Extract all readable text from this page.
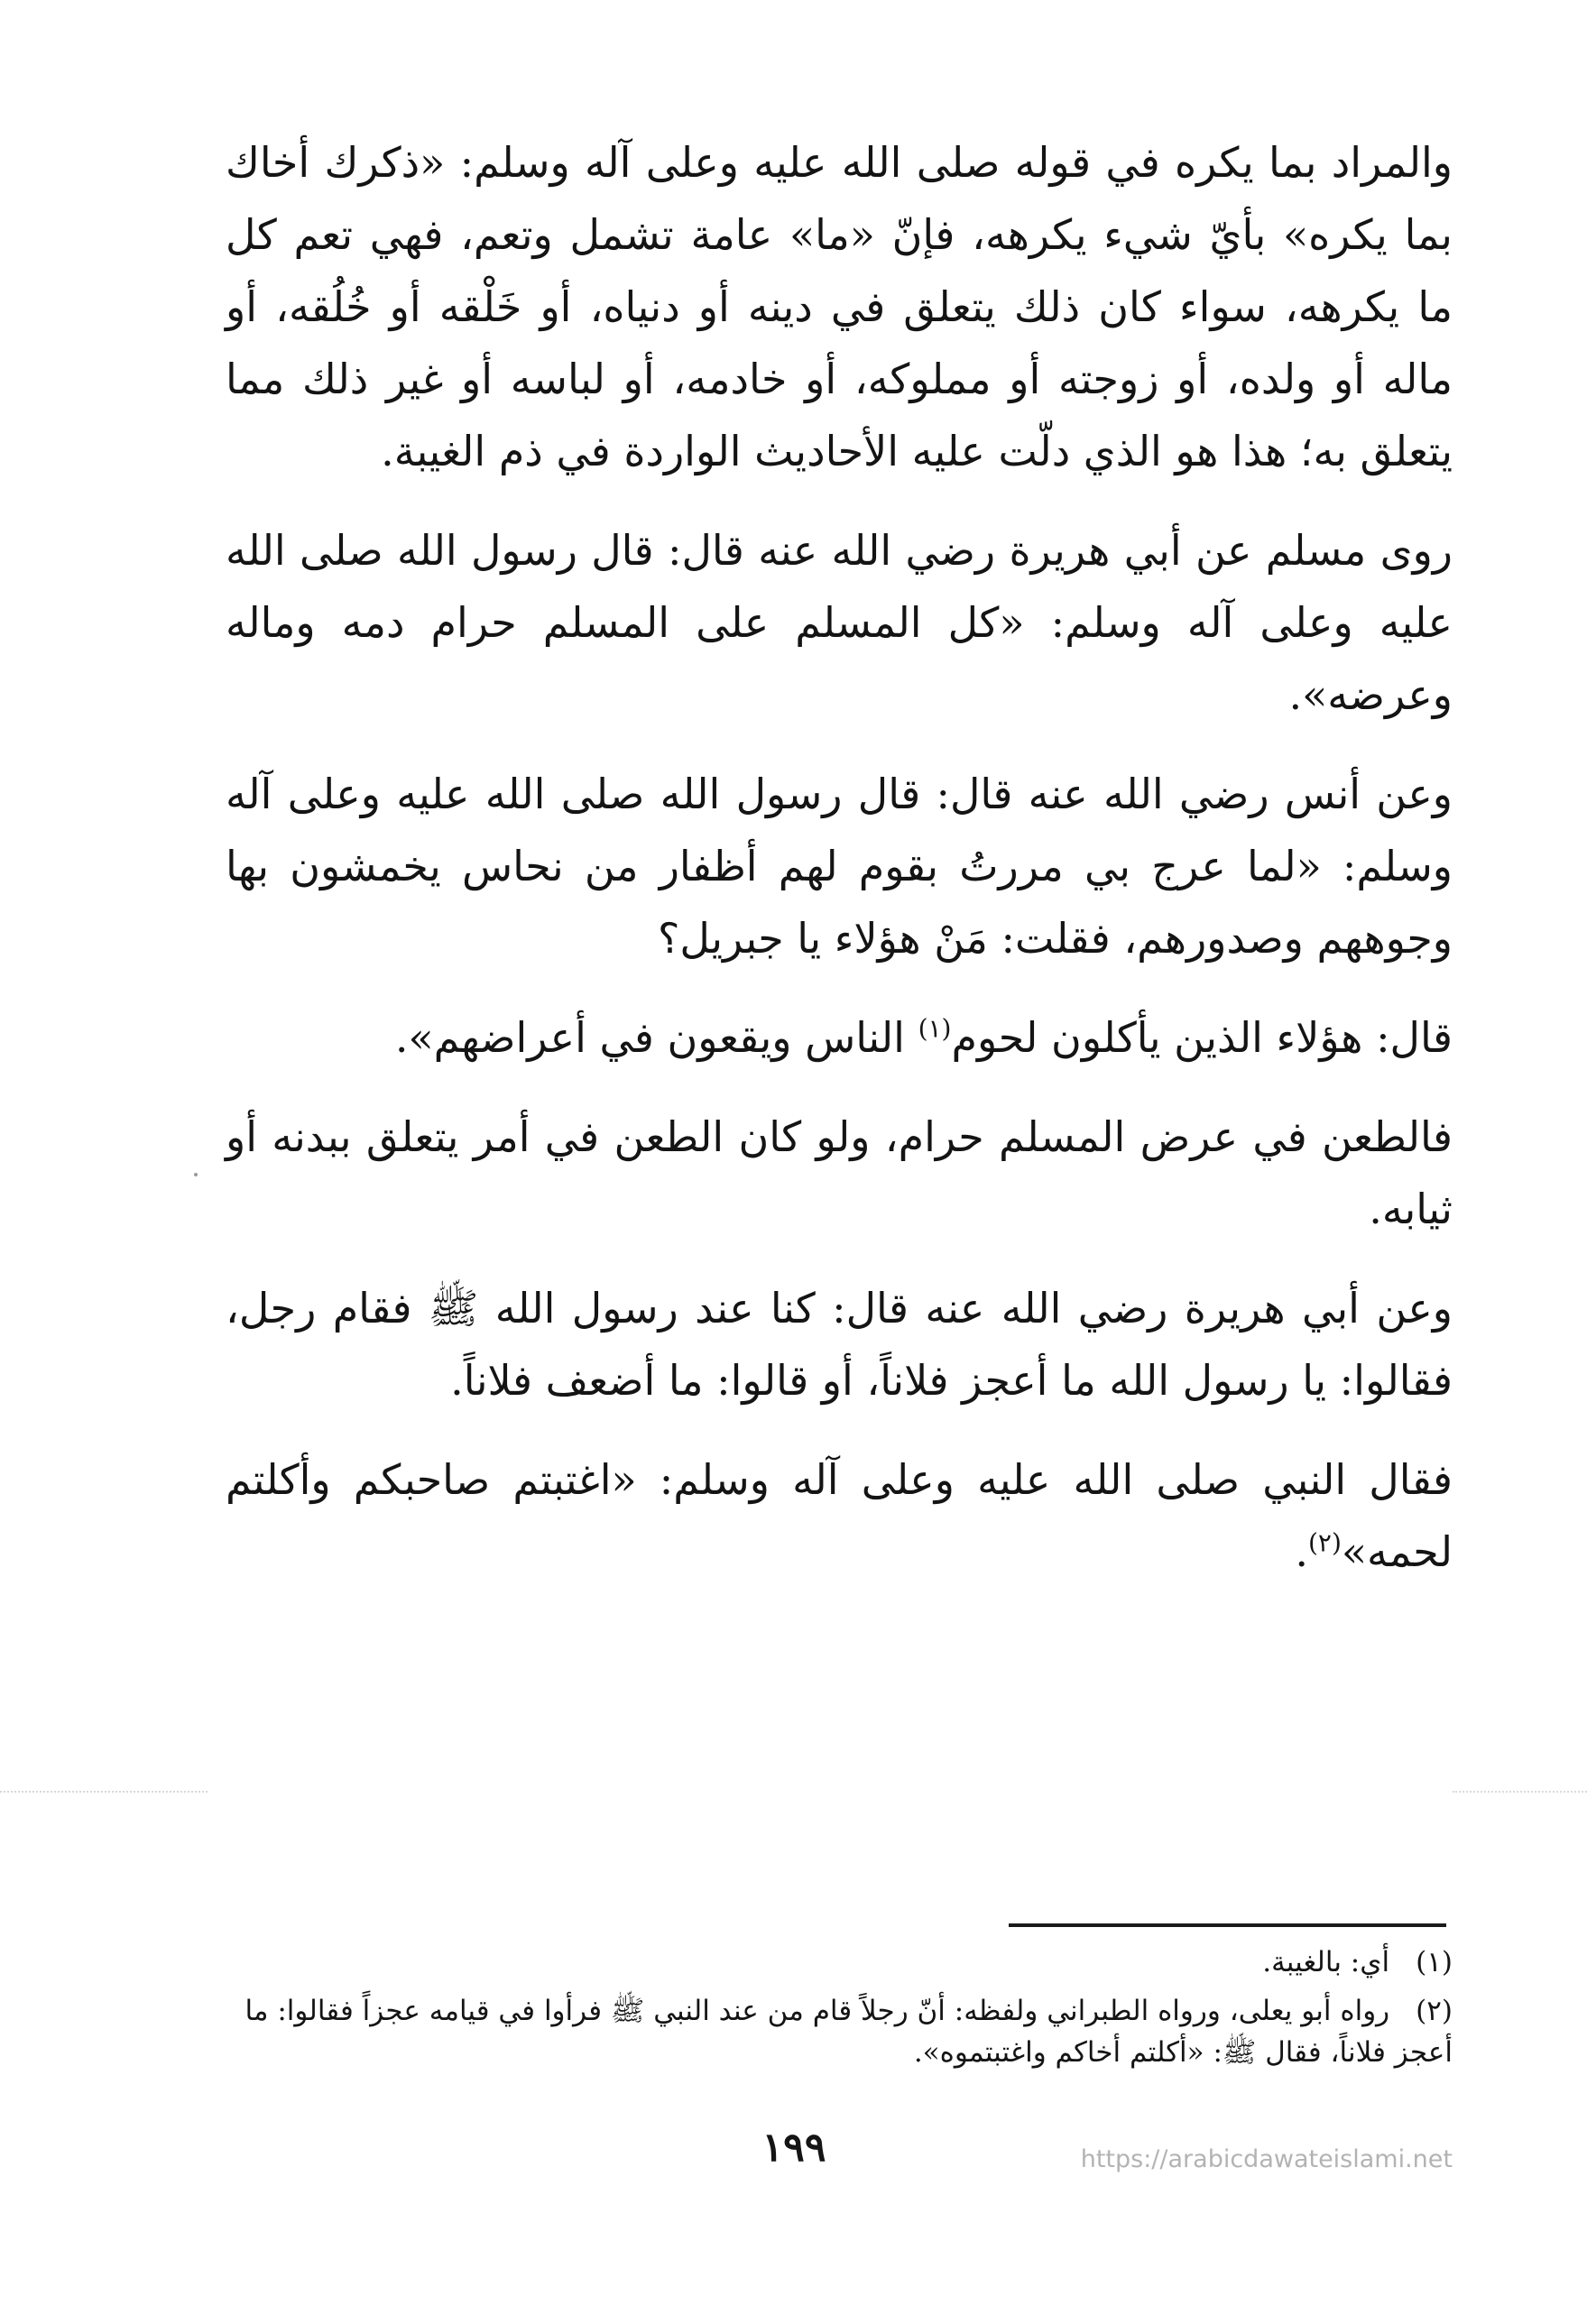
والمراد بما يكره في قوله صلى الله عليه وعلى آله وسلم: «ذكرك أخاك بما يكره» بأيّ شيء يكرهه، فإنّ «ما» عامة تشمل وتعم، فهي تعم كل ما يكرهه، سواء كان ذلك يتعلق في دينه أو دنياه، أو خَلْقه أو خُلُقه، أو ماله أو ولده، أو زوجته أو مملوكه، أو خادمه، أو لباسه أو غير ذلك مما يتعلق به؛ هذا هو الذي دلّت عليه الأحاديث الواردة في ذم الغيبة.

روى مسلم عن أبي هريرة رضي الله عنه قال: قال رسول الله صلى الله عليه وعلى آله وسلم: «كل المسلم على المسلم حرام دمه وماله وعرضه».

وعن أنس رضي الله عنه قال: قال رسول الله صلى الله عليه وعلى آله وسلم: «لما عرج بي مررتُ بقوم لهم أظفار من نحاس يخمشون بها وجوههم وصدورهم، فقلت: مَنْ هؤلاء يا جبريل؟

قال: هؤلاء الذين يأكلون لحوم$^{(١)}$ الناس ويقعون في أعراضهم».

فالطعن في عرض المسلم حرام، ولو كان الطعن في أمر يتعلق ببدنه أو ثيابه.

وعن أبي هريرة رضي الله عنه قال: كنا عند رسول الله ﷺ فقام رجل، فقالوا: يا رسول الله ما أعجز فلاناً، أو قالوا: ما أضعف فلاناً.

فقال النبي صلى الله عليه وعلى آله وسلم: «اغتبتم صاحبكم وأكلتم لحمه»$^{(٢)}$.

(١) أي: بالغيبة.
(٢) رواه أبو يعلى، ورواه الطبراني ولفظه: أنّ رجلاً قام من عند النبي ﷺ فرأوا في قيامه عجزاً فقالوا: ما أعجز فلاناً، فقال ﷺ: «أكلتم أخاكم واغتبتموه».
١٩٩	https://arabicdawateislami.net
